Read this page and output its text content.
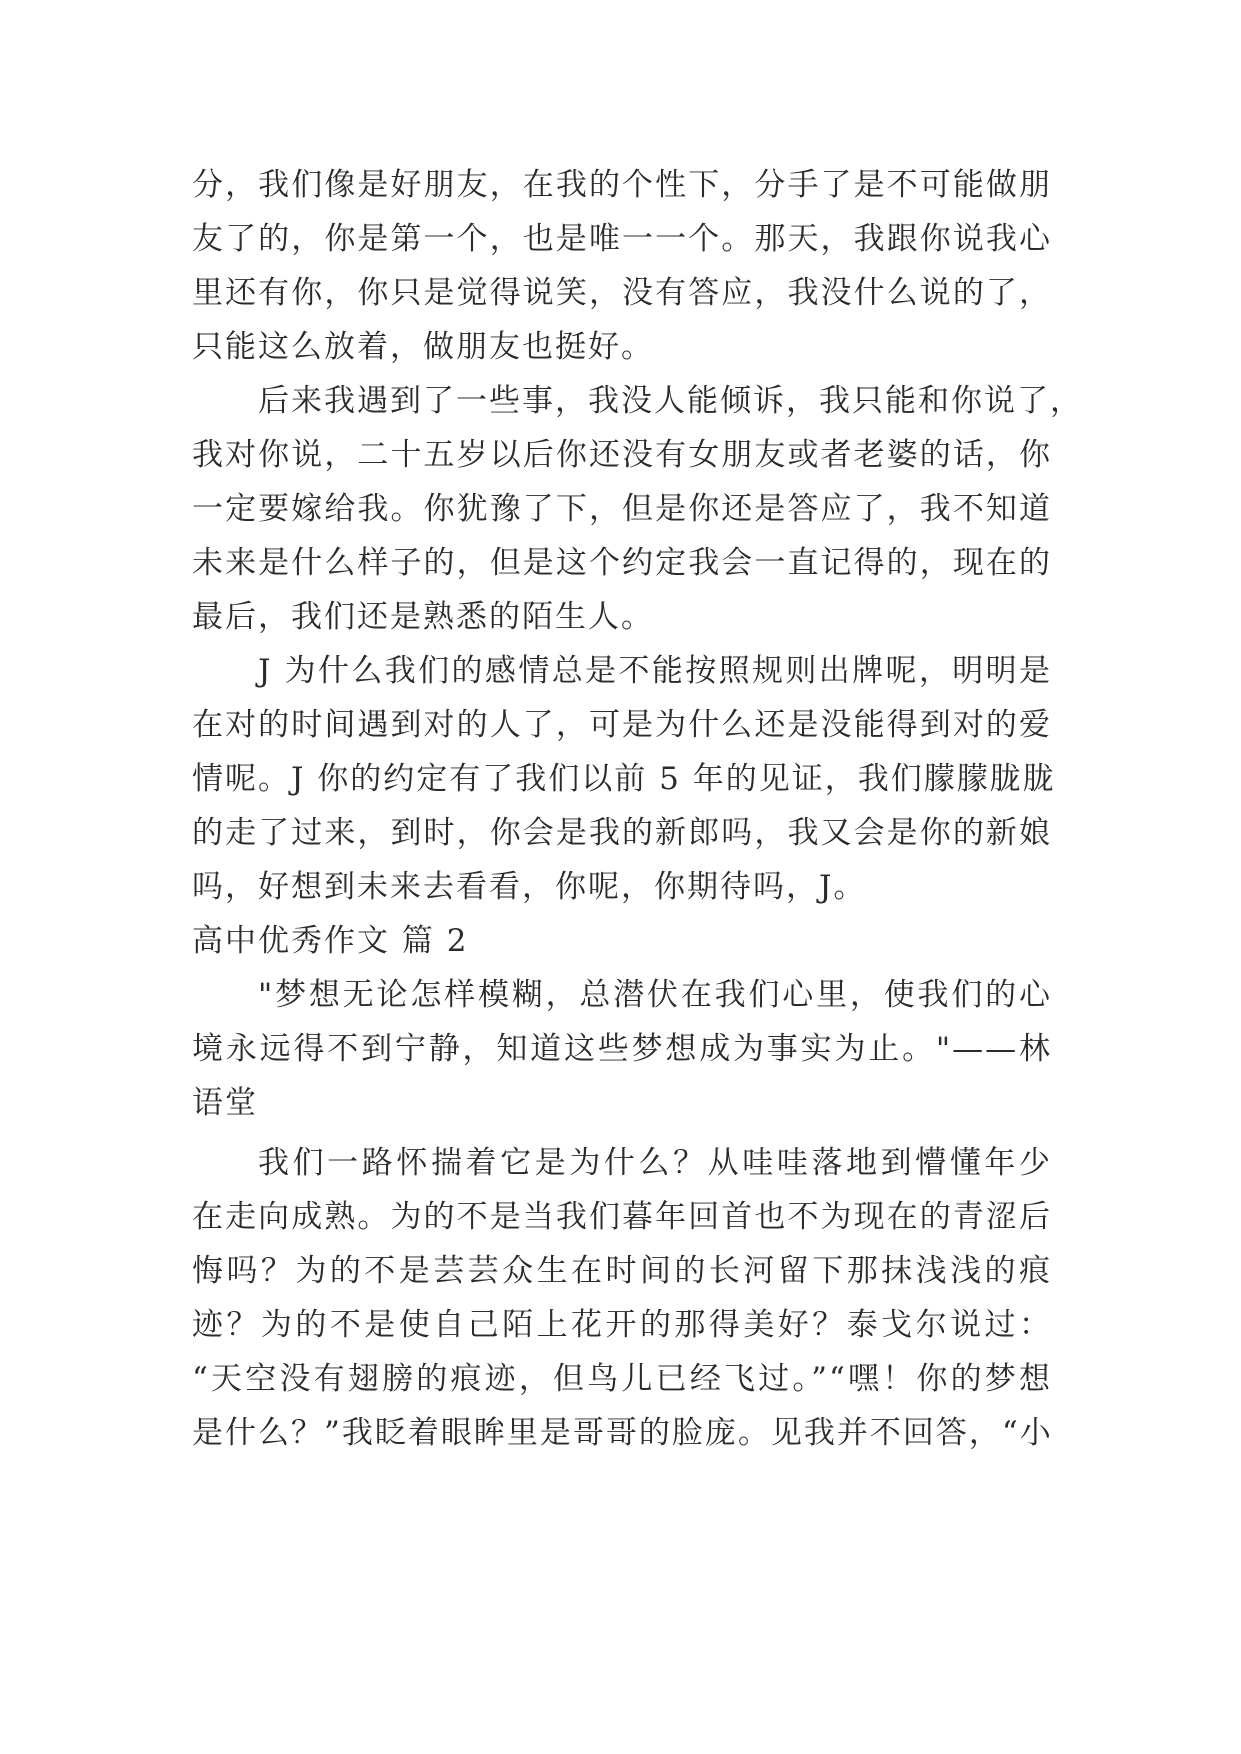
分，我们像是好朋友，在我的个性下，分手了是不可能做朋
友了的，你是第一个，也是唯一一个。那天，我跟你说我心
里还有你，你只是觉得说笑，没有答应，我没什么说的了，
只能这么放着，做朋友也挺好。
后来我遇到了一些事，我没人能倾诉，我只能和你说了，
我对你说，二十五岁以后你还没有女朋友或者老婆的话，你
一定要嫁给我。你犹豫了下，但是你还是答应了，我不知道
未来是什么样子的，但是这个约定我会一直记得的，现在的
最后，我们还是熟悉的陌生人。
J 为什么我们的感情总是不能按照规则出牌呢，明明是
在对的时间遇到对的人了，可是为什么还是没能得到对的爱
情呢。J 你的约定有了我们以前 5 年的见证，我们朦朦胧胧
的走了过来，到时，你会是我的新郎吗，我又会是你的新娘
吗，好想到未来去看看，你呢，你期待吗，J。
高中优秀作文 篇 2
"梦想无论怎样模糊，总潜伏在我们心里，使我们的心
境永远得不到宁静，知道这些梦想成为事实为止。"——林
语堂
我们一路怀揣着它是为什么？从哇哇落地到懵懂年少
在走向成熟。为的不是当我们暮年回首也不为现在的青涩后
悔吗？为的不是芸芸众生在时间的长河留下那抹浅浅的痕
迹？为的不是使自己陌上花开的那得美好？泰戈尔说过：
“天空没有翅膀的痕迹，但鸟儿已经飞过。”“嘿！你的梦想
是什么？”我眨着眼眸里是哥哥的脸庞。见我并不回答，“小
